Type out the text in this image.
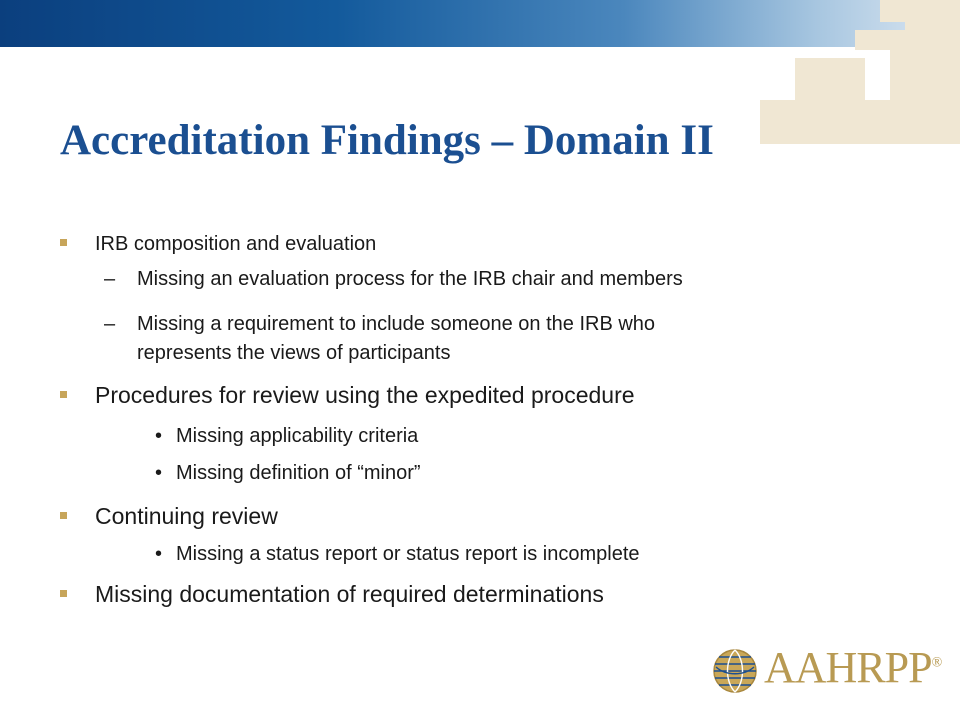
Accreditation Findings – Domain II
IRB composition and evaluation
– Missing an evaluation process for the IRB chair and members
– Missing a requirement to include someone on the IRB who
represents the views of participants
Procedures for review using the expedited procedure
• Missing applicability criteria
• Missing definition of “minor”
Continuing review
• Missing a status report or status report is incomplete
Missing documentation of required determinations
AAHRPP®
